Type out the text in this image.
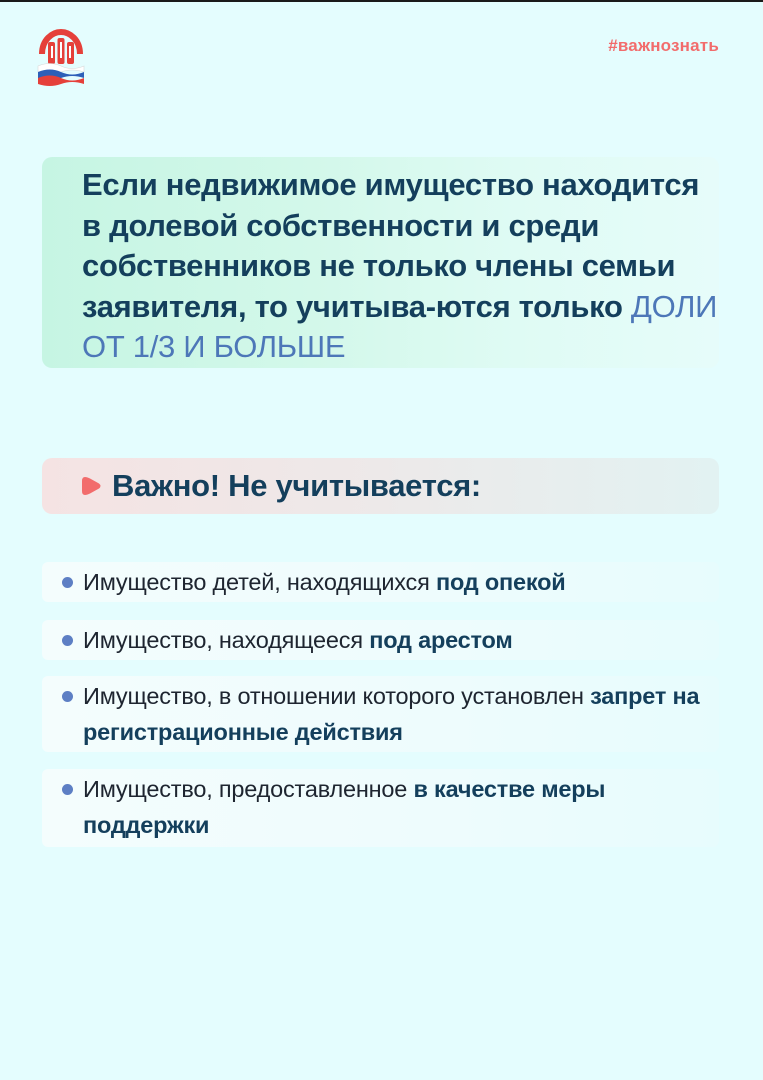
#важнознать

Если недвижимое имущество находится в долевой собственности и среди собственников не только члены семьи заявителя, то учитыва-ются только ДОЛИ ОТ 1/3 И БОЛЬШЕ

Важно! Не учитывается:
Имущество детей, находящихся под опекой
Имущество, находящееся под арестом
Имущество, в отношении которого установлен запрет на регистрационные действия
Имущество, предоставленное в качестве меры поддержки
